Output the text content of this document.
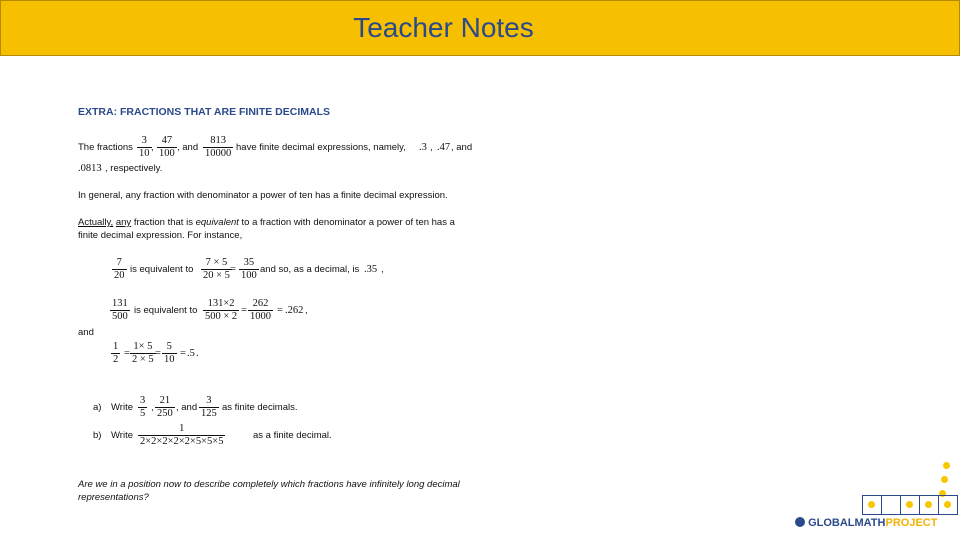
Teacher Notes
EXTRA: FRACTIONS THAT ARE FINITE DECIMALS
The fractions $\frac{3}{10}$ , $\frac{47}{100}$ , and $\frac{813}{10000}$ have finite decimal expressions, namely, .3 , .47 , and
.0813 , respectively.
In general, any fraction with denominator a power of ten has a finite decimal expression.
Actually, any fraction that is equivalent to a fraction with denominator a power of ten has a
finite decimal expression. For instance,
$\frac{7}{20}$ is equivalent to $\frac{7 \times 5}{20 \times 5}$
= $\frac{35}{100}$ and so, as a decimal, is .35 ,
$\frac{131}{500}$ is equivalent to $\frac{131\times 2}{500 \times 2} = \frac{262}{1000} = .262$ ,
and
$\frac{1}{2} = \frac{1\times 5}{2 \times 5} = \frac{5}{10} = .5$ .
a) Write $\frac{3}{5}$ , $\frac{21}{250}$ , and $\frac{3}{125}$ as finite decimals.
b) Write $\frac{1}{2\times 2\times 2\times 2\times 2\times 5\times 5\times 5}$	as a finite decimal.
Are we in a position now to describe completely which fractions have infinitely long decimal
representations?
GLOBALMATHPROJECT
